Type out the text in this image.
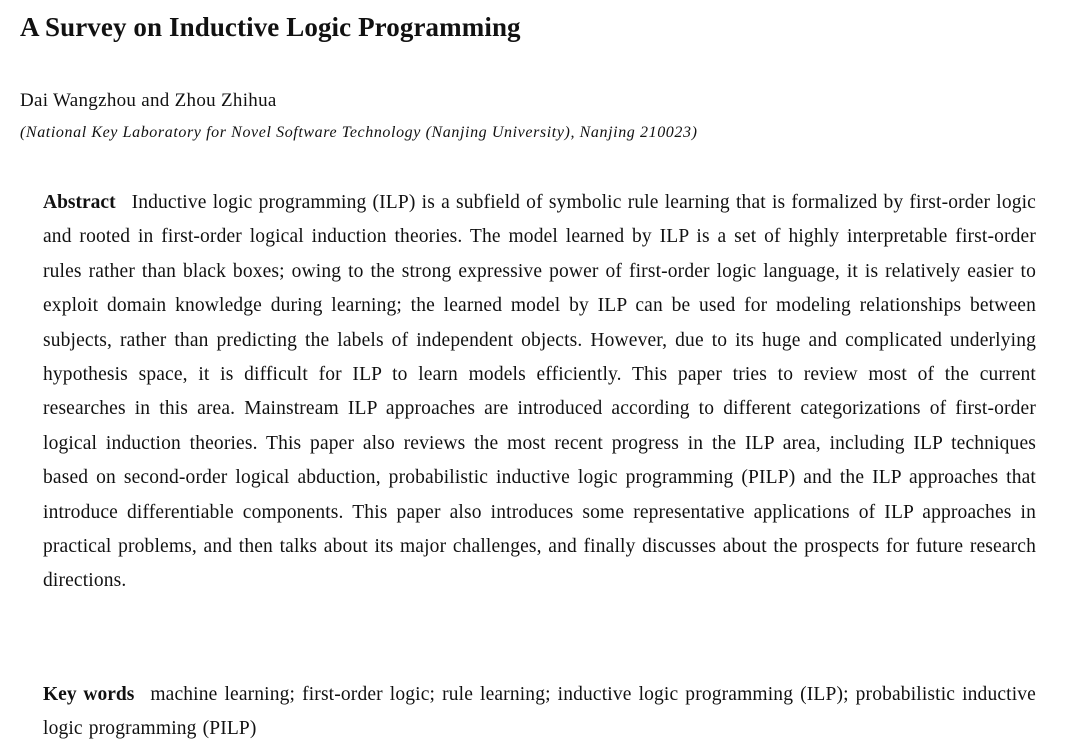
A Survey on Inductive Logic Programming
Dai Wangzhou and Zhou Zhihua
(National Key Laboratory for Novel Software Technology (Nanjing University), Nanjing 210023)

Abstract Inductive logic programming (ILP) is a subfield of symbolic rule learning that is formalized by first-order logic and rooted in first-order logical induction theories. The model learned by ILP is a set of highly interpretable first-order rules rather than black boxes; owing to the strong expressive power of first-order logic language, it is relatively easier to exploit domain knowledge during learning; the learned model by ILP can be used for modeling relationships between subjects, rather than predicting the labels of independent objects. However, due to its huge and complicated underlying hypothesis space, it is difficult for ILP to learn models efficiently. This paper tries to review most of the current researches in this area. Mainstream ILP approaches are introduced according to different categorizations of first-order logical induction theories. This paper also reviews the most recent progress in the ILP area, including ILP techniques based on second-order logical abduction, probabilistic inductive logic programming (PILP) and the ILP approaches that introduce differentiable components. This paper also introduces some representative applications of ILP approaches in practical problems, and then talks about its major challenges, and finally discusses about the prospects for future research directions.

Key words machine learning; first-order logic; rule learning; inductive logic programming (ILP); probabilistic inductive logic programming (PILP)
